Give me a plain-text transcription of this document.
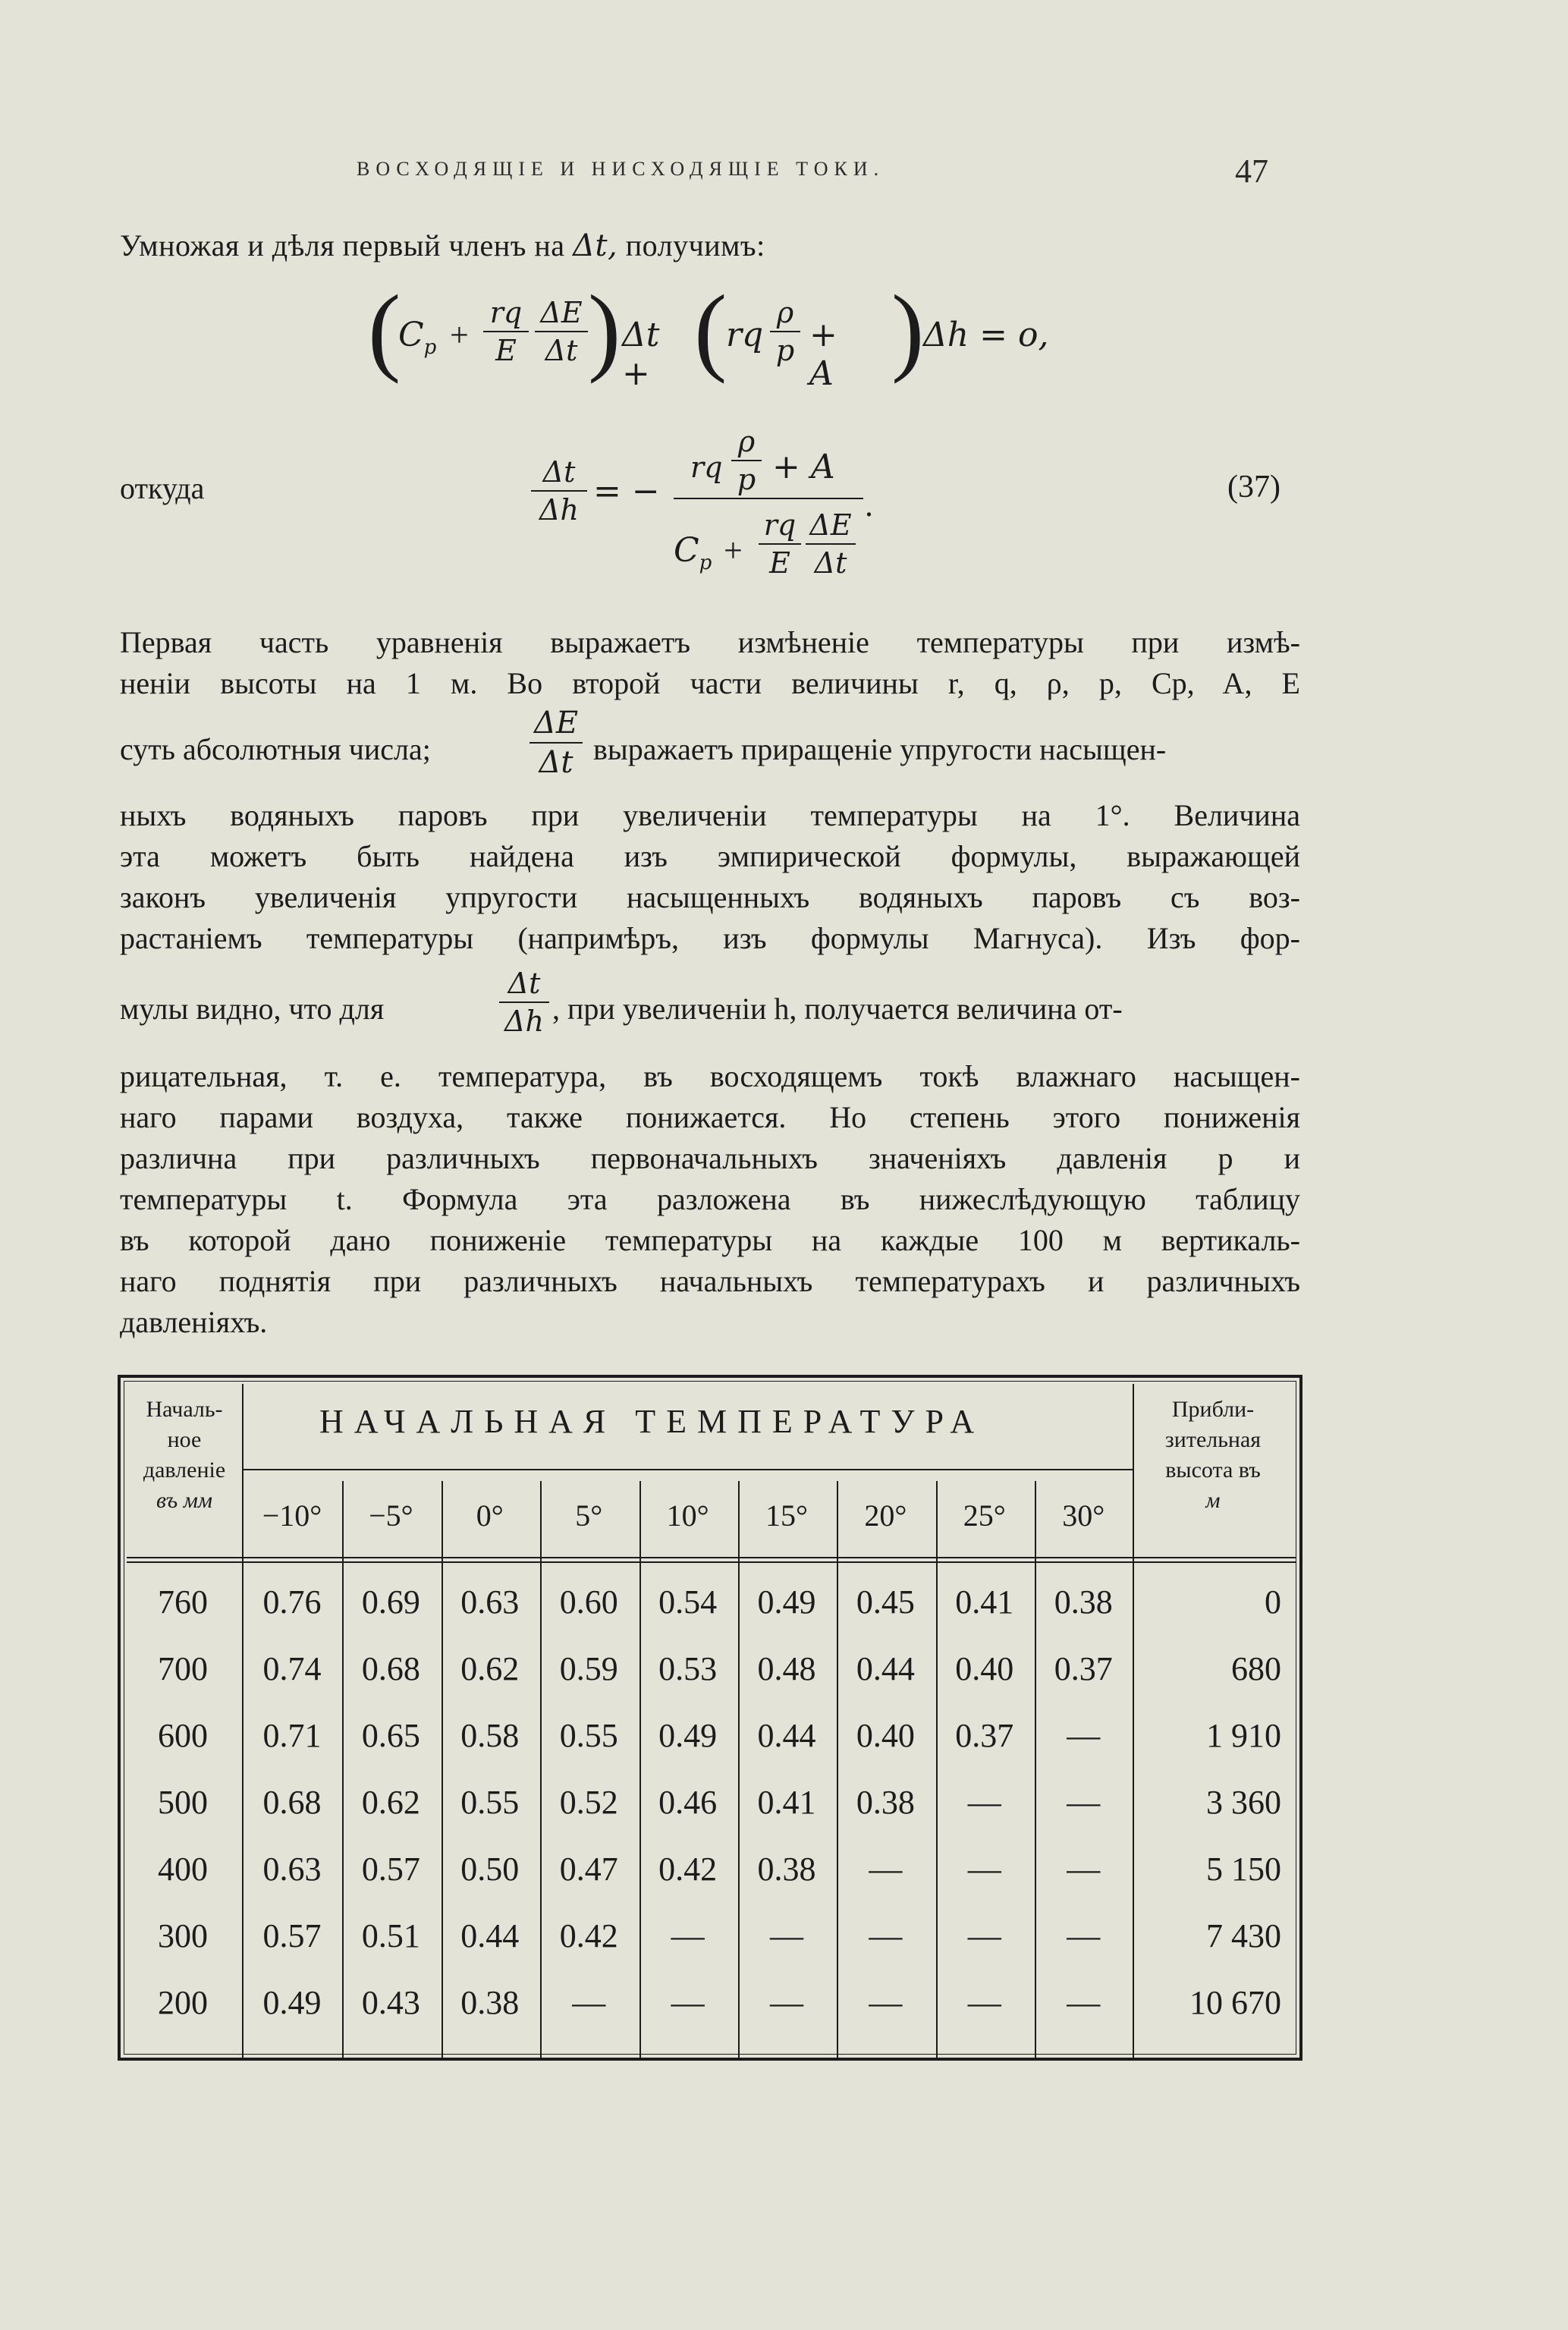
ВОСХОДЯЩІЕ И НИСХОДЯЩІЕ ТОКИ.	47
Умножая и дѣля первый членъ на Δt, получимъ:
(
$C_p + \frac{rq}{E} \frac{\Delta E}{\Delta t}$ ) Δt + (
rq $\frac{\rho}{p} + A$ )
Δh = o,
откуда	$\frac{\Delta t}{\Delta h}$ = −
rq $\frac{\rho}{p} + A$
$C_p + \frac{rq}{E} \frac{\Delta E}{\Delta t}$
.	(37)
Первая часть уравненія выражаетъ измѣненіе температуры при измѣ-
неніи высоты на 1 м. Во второй части величины r, q, ρ, p, Cp, A, E
суть абсолютныя числа;	$\frac{\Delta E}{\Delta t}$ выражаетъ приращеніе упругости насыщен-
ныхъ водяныхъ паровъ при увеличеніи температуры на 1°. Величина
эта можетъ быть найдена изъ эмпирической формулы, выражающей
законъ увеличенія упругости насыщенныхъ водяныхъ паровъ съ воз-
растаніемъ температуры (напримѣръ, изъ формулы Магнуса). Изъ фор-
мулы видно, что для	$\frac{\Delta t}{\Delta h}$ , при увеличеніи h, получается величина от-
рицательная, т. е. температура, въ восходящемъ токѣ влажнаго насыщен-
наго парами воздуха, также понижается. Но степень этого пониженія
различна при различныхъ первоначальныхъ значеніяхъ давленія p и
температуры t. Формула эта разложена въ нижеслѣдующую таблицу
въ которой дано пониженіе температуры на каждые 100 м вертикаль-
наго поднятія при различныхъ начальныхъ температурахъ и различныхъ
давленіяхъ.
Началь-
ное
давленіе
въ мм
НАЧАЛЬНАЯ ТЕМПЕРАТУРА	Прибли-
зительная
высота въ
м
−10°	−5°	0°	5°	10°	15°	20°	25°	30°
760	0.76	0.69	0.63	0.60	0.54	0.49	0.45	0.41	0.38	0
700	0.74	0.68	0.62	0.59	0.53	0.48	0.44	0.40	0.37	680
600	0.71	0.65	0.58	0.55	0.49	0.44	0.40	0.37	—	1 910
500	0.68	0.62	0.55	0.52	0.46	0.41	0.38	—	—	3 360
400	0.63	0.57	0.50	0.47	0.42	0.38	—	—	—	5 150
300	0.57	0.51	0.44	0.42	—	—	—	—	—	7 430
200	0.49	0.43	0.38	—	—	—	—	—	—	10 670
